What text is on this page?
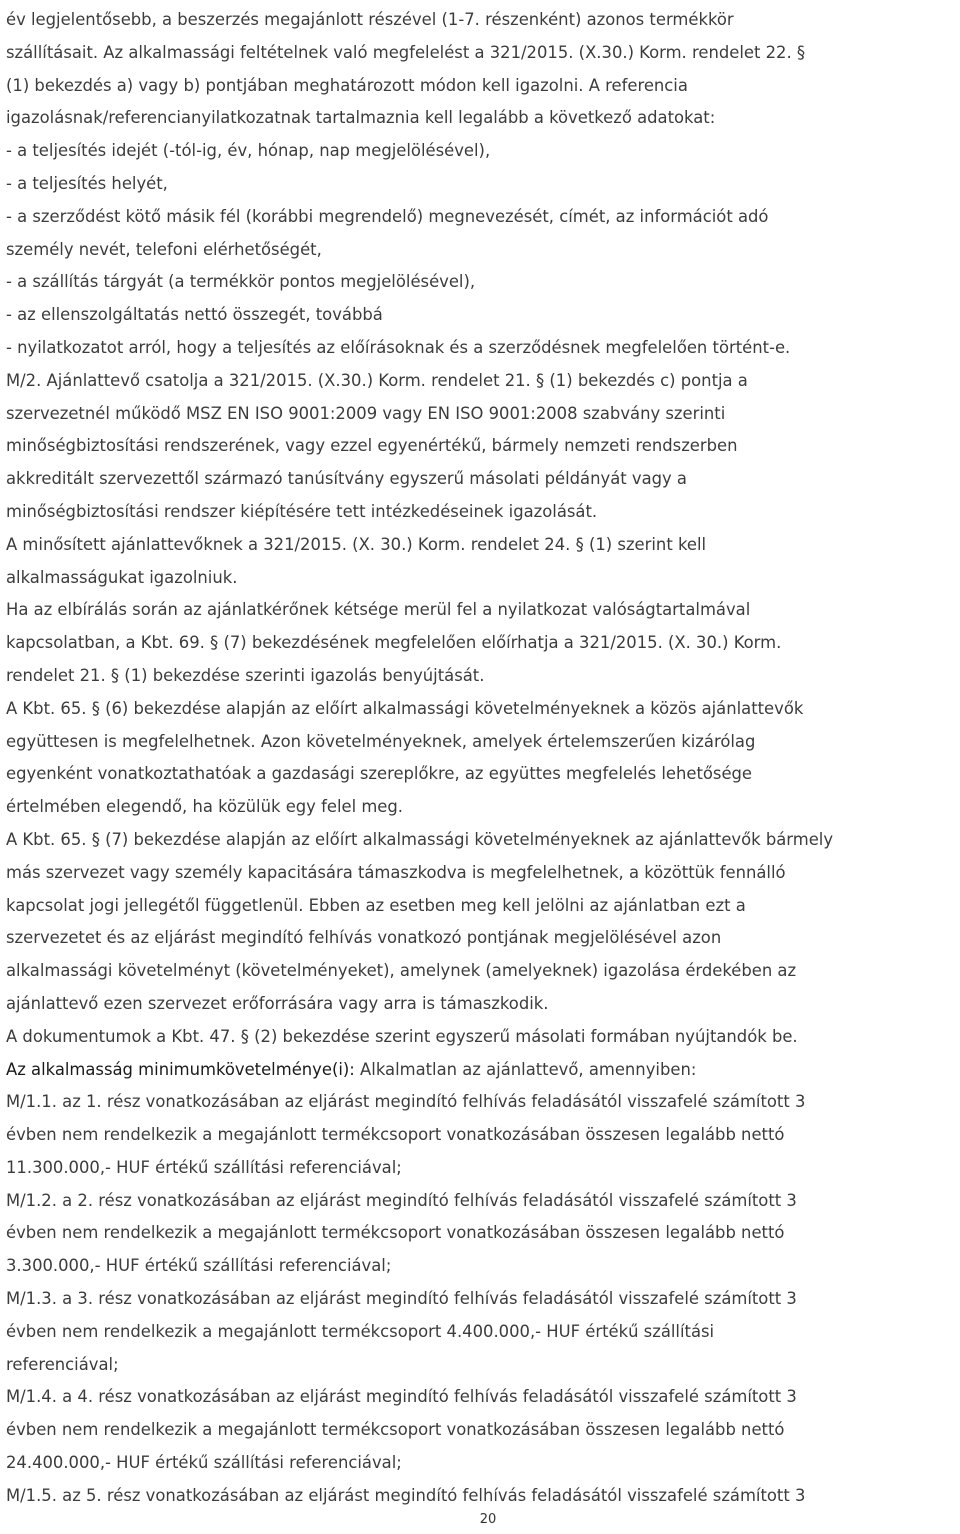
év legjelentősebb, a beszerzés megajánlott részével (1-7. részenként) azonos termékkör

szállításait. Az alkalmassági feltételnek való megfelelést a 321/2015. (X.30.) Korm. rendelet 22. §

(1) bekezdés a) vagy b) pontjában meghatározott módon kell igazolni. A referencia

igazolásnak/referencianyilatkozatnak tartalmaznia kell legalább a következő adatokat:

- a teljesítés idejét (-tól-ig, év, hónap, nap megjelölésével),

- a teljesítés helyét,

- a szerződést kötő másik fél (korábbi megrendelő) megnevezését, címét, az információt adó

személy nevét, telefoni elérhetőségét,

- a szállítás tárgyát (a termékkör pontos megjelölésével),

- az ellenszolgáltatás nettó összegét, továbbá

- nyilatkozatot arról, hogy a teljesítés az előírásoknak és a szerződésnek megfelelően történt-e.

M/2. Ajánlattevő csatolja a 321/2015. (X.30.) Korm. rendelet 21. § (1) bekezdés c) pontja a

szervezetnél működő MSZ EN ISO 9001:2009 vagy EN ISO 9001:2008 szabvány szerinti

minőségbiztosítási rendszerének, vagy ezzel egyenértékű, bármely nemzeti rendszerben

akkreditált szervezettől származó tanúsítvány egyszerű másolati példányát vagy a

minőségbiztosítási rendszer kiépítésére tett intézkedéseinek igazolását.

A minősített ajánlattevőknek a 321/2015. (X. 30.) Korm. rendelet 24. § (1) szerint kell

alkalmasságukat igazolniuk.

Ha az elbírálás során az ajánlatkérőnek kétsége merül fel a nyilatkozat valóságtartalmával

kapcsolatban, a Kbt. 69. § (7) bekezdésének megfelelően előírhatja a 321/2015. (X. 30.) Korm.

rendelet 21. § (1) bekezdése szerinti igazolás benyújtását.

A Kbt. 65. § (6) bekezdése alapján az előírt alkalmassági követelményeknek a közös ajánlattevők

együttesen is megfelelhetnek. Azon követelményeknek, amelyek értelemszerűen kizárólag

egyenként vonatkoztathatóak a gazdasági szereplőkre, az együttes megfelelés lehetősége

értelmében elegendő, ha közülük egy felel meg.

A Kbt. 65. § (7) bekezdése alapján az előírt alkalmassági követelményeknek az ajánlattevők bármely

más szervezet vagy személy kapacitására támaszkodva is megfelelhetnek, a közöttük fennálló

kapcsolat jogi jellegétől függetlenül. Ebben az esetben meg kell jelölni az ajánlatban ezt a

szervezetet és az eljárást megindító felhívás vonatkozó pontjának megjelölésével azon

alkalmassági követelményt (követelményeket), amelynek (amelyeknek) igazolása érdekében az

ajánlattevő ezen szervezet erőforrására vagy arra is támaszkodik.

A dokumentumok a Kbt. 47. § (2) bekezdése szerint egyszerű másolati formában nyújtandók be.

Az alkalmasság minimumkövetelménye(i): Alkalmatlan az ajánlattevő, amennyiben:

M/1.1. az 1. rész vonatkozásában az eljárást megindító felhívás feladásától visszafelé számított 3

évben nem rendelkezik a megajánlott termékcsoport vonatkozásában összesen legalább nettó

11.300.000,- HUF értékű szállítási referenciával;

M/1.2. a 2. rész vonatkozásában az eljárást megindító felhívás feladásától visszafelé számított 3

évben nem rendelkezik a megajánlott termékcsoport vonatkozásában összesen legalább nettó

3.300.000,- HUF értékű szállítási referenciával;

M/1.3. a 3. rész vonatkozásában az eljárást megindító felhívás feladásától visszafelé számított 3

évben nem rendelkezik a megajánlott termékcsoport 4.400.000,- HUF értékű szállítási

referenciával;

M/1.4. a 4. rész vonatkozásában az eljárást megindító felhívás feladásától visszafelé számított 3

évben nem rendelkezik a megajánlott termékcsoport vonatkozásában összesen legalább nettó

24.400.000,- HUF értékű szállítási referenciával;

M/1.5. az 5. rész vonatkozásában az eljárást megindító felhívás feladásától visszafelé számított 3

20
